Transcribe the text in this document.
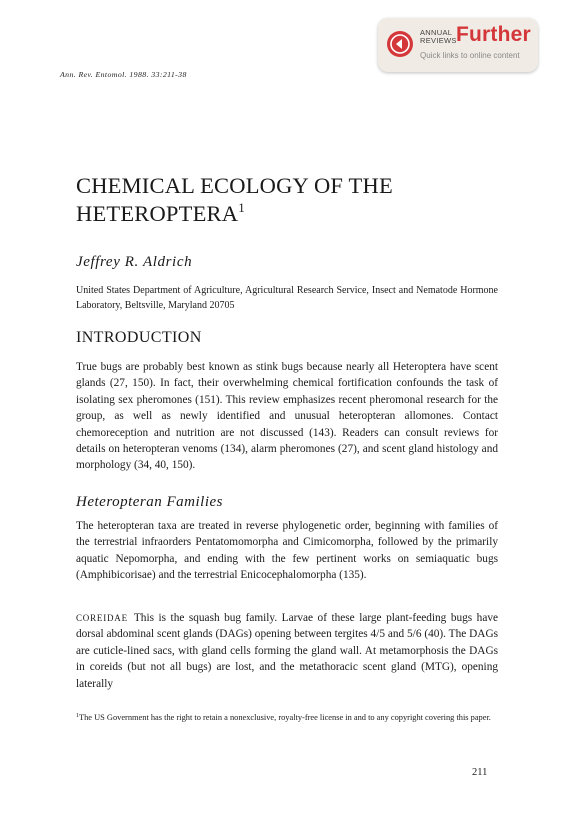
ANNUAL
REVIEWS Further
Quick links to online content
Ann. Rev. Entomol. 1988. 33:211-38
CHEMICAL ECOLOGY OF THE
HETEROPTERA$^1$
Jeffrey R. Aldrich
United States Department of Agriculture, Agricultural Research Service, Insect and Nematode Hormone Laboratory, Beltsville, Maryland 20705
INTRODUCTION
True bugs are probably best known as stink bugs because nearly all Heteroptera have scent glands (27, 150). In fact, their overwhelming chemical fortification confounds the task of isolating sex pheromones (151). This review emphasizes recent pheromonal research for the group, as well as newly identified and unusual heteropteran allomones. Contact chemoreception and nutrition are not discussed (143). Readers can consult reviews for details on heteropteran venoms (134), alarm pheromones (27), and scent gland histology and morphology (34, 40, 150).
Heteropteran Families
The heteropteran taxa are treated in reverse phylogenetic order, beginning with families of the terrestrial infraorders Pentatomomorpha and Cimicomorpha, followed by the primarily aquatic Nepomorpha, and ending with the few pertinent works on semiaquatic bugs (Amphibicorisae) and the terrestrial Enicocephalomorpha (135).
COREIDAE This is the squash bug family. Larvae of these large plant-feeding bugs have dorsal abdominal scent glands (DAGs) opening between tergites 4/5 and 5/6 (40). The DAGs are cuticle-lined sacs, with gland cells forming the gland wall. At metamorphosis the DAGs in coreids (but not all bugs) are lost, and the metathoracic scent gland (MTG), opening laterally
$^1$The US Government has the right to retain a nonexclusive, royalty-free license in and to any copyright covering this paper.
211
